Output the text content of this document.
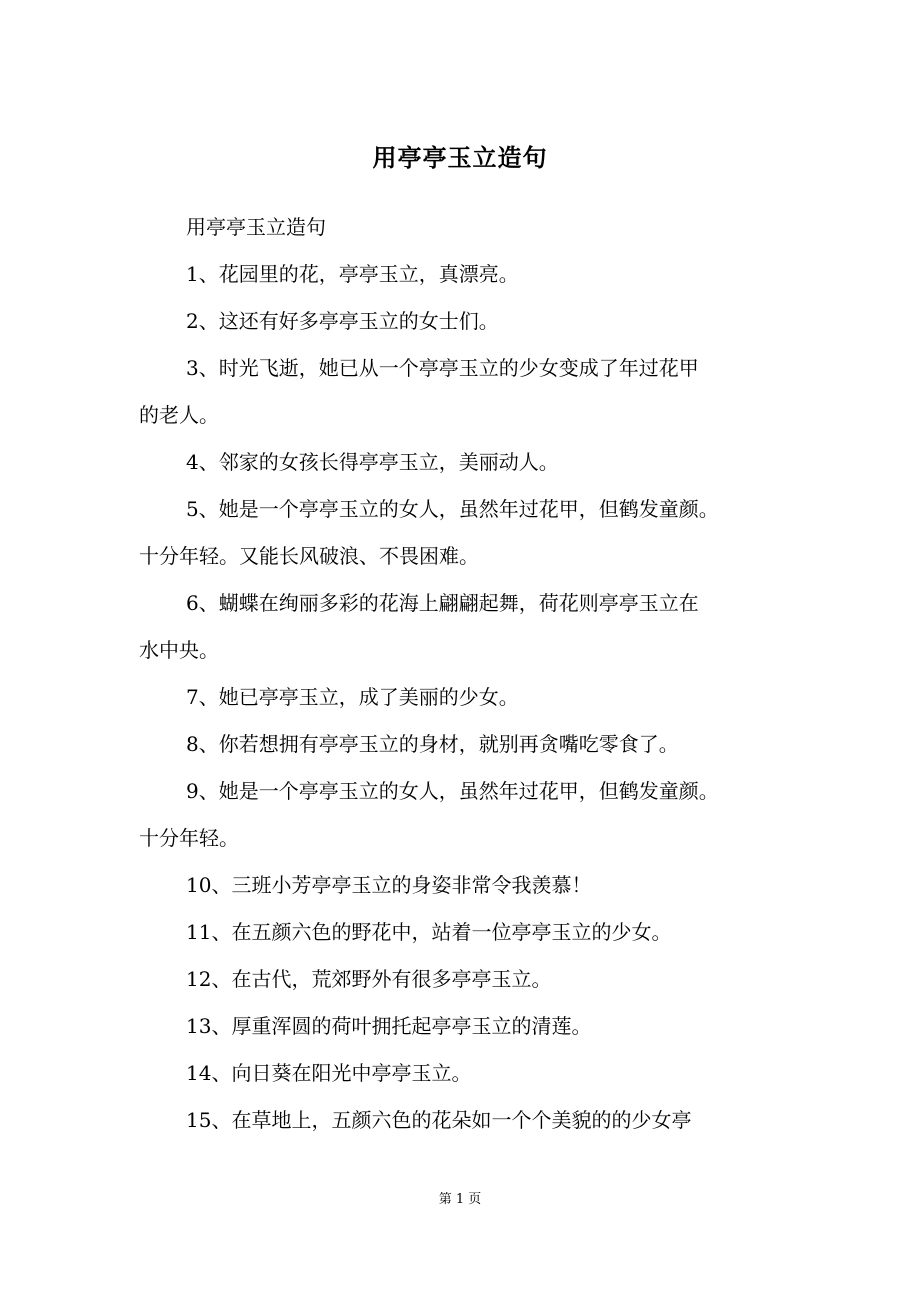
用亭亭玉立造句

用亭亭玉立造句

1、花园里的花，亭亭玉立，真漂亮。

2、这还有好多亭亭玉立的女士们。

3、时光飞逝，她已从一个亭亭玉立的少女变成了年过花甲
的老人。

4、邻家的女孩长得亭亭玉立，美丽动人。

5、她是一个亭亭玉立的女人，虽然年过花甲，但鹤发童颜。
十分年轻。又能长风破浪、不畏困难。

6、蝴蝶在绚丽多彩的花海上翩翩起舞，荷花则亭亭玉立在
水中央。

7、她已亭亭玉立，成了美丽的少女。

8、你若想拥有亭亭玉立的身材，就别再贪嘴吃零食了。

9、她是一个亭亭玉立的女人，虽然年过花甲，但鹤发童颜。
十分年轻。

10、三班小芳亭亭玉立的身姿非常令我羡慕！

11、在五颜六色的野花中，站着一位亭亭玉立的少女。

12、在古代，荒郊野外有很多亭亭玉立。

13、厚重浑圆的荷叶拥托起亭亭玉立的清莲。

14、向日葵在阳光中亭亭玉立。

15、在草地上，五颜六色的花朵如一个个美貌的的少女亭

第 1 页
